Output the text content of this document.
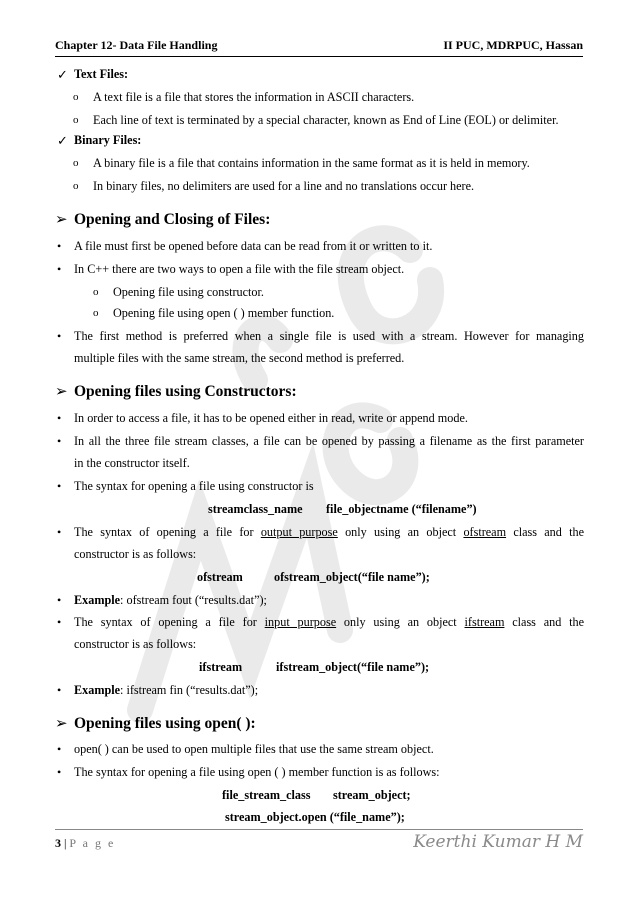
Chapter 12- Data File Handling	II PUC, MDRPUC, Hassan
✓ Text Files:
o A text file is a file that stores the information in ASCII characters.
o Each line of text is terminated by a special character, known as End of Line (EOL) or delimiter.
✓ Binary Files:
o A binary file is a file that contains information in the same format as it is held in memory.
o In binary files, no delimiters are used for a line and no translations occur here.
➢ Opening and Closing of Files:
• A file must first be opened before data can be read from it or written to it.
• In C++ there are two ways to open a file with the file stream object.
o Opening file using constructor.
o Opening file using open ( ) member function.
• The first method is preferred when a single file is used with a stream. However for managing
multiple files with the same stream, the second method is preferred.
➢ Opening files using Constructors:
• In order to access a file, it has to be opened either in read, write or append mode.
• In all the three file stream classes, a file can be opened by passing a filename as the first parameter
in the constructor itself.
• The syntax for opening a file using constructor is
streamclass_name file_objectname (“filename”)
• The syntax of opening a file for output purpose only using an object ofstream class and the
constructor is as follows:
ofstream	ofstream_object(“file name”);
• Example: ofstream fout (“results.dat”);
• The syntax of opening a file for input purpose only using an object ifstream class and the
constructor is as follows:
ifstream	ifstream_object(“file name”);
• Example: ifstream fin (“results.dat”);
➢ Opening files using open( ):
• open( ) can be used to open multiple files that use the same stream object.
• The syntax for opening a file using open ( ) member function is as follows:
file_stream_class stream_object;
stream_object.open (“file_name”);
3 | P a g e	Keerthi Kumar H M
